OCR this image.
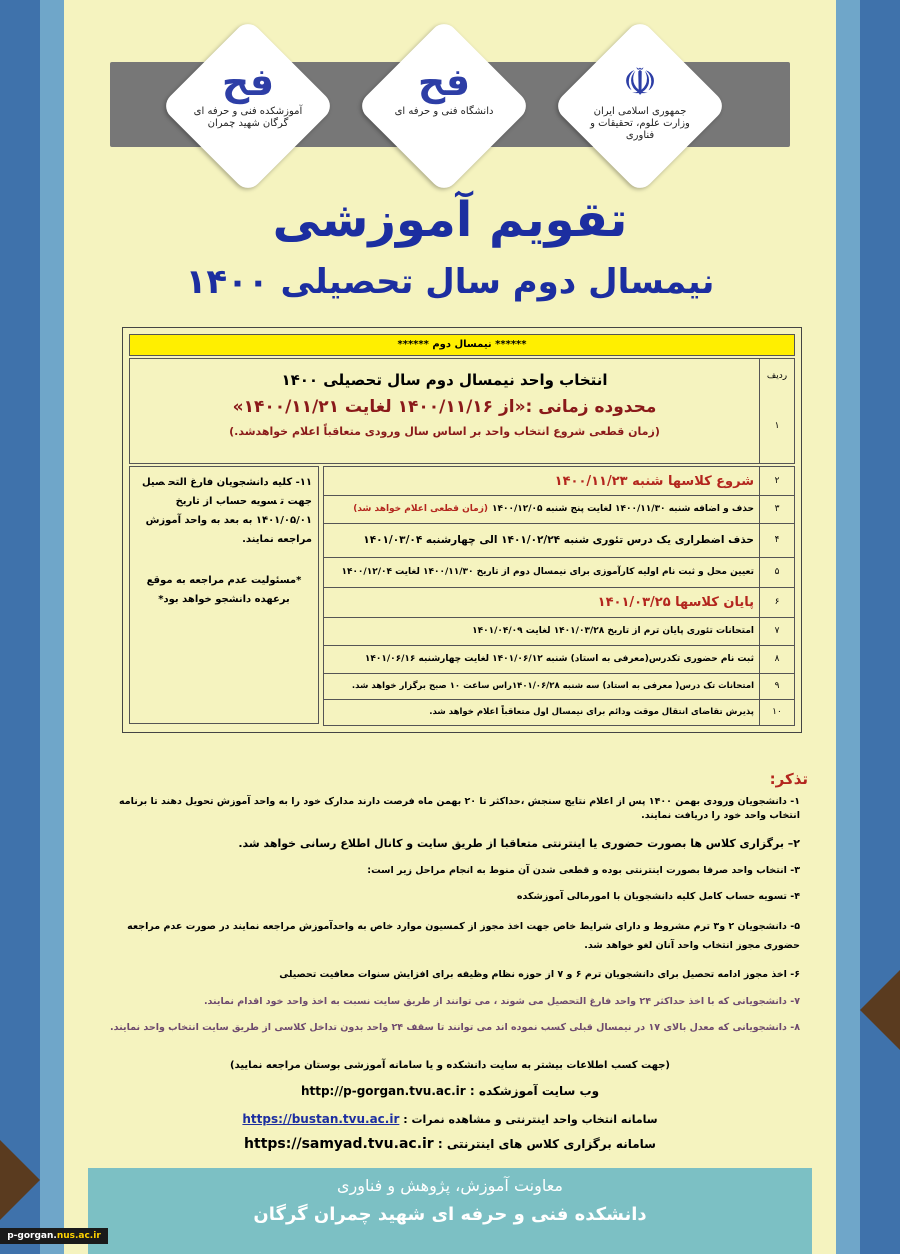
ﻓﺢ
آموزشکده فنی و حرفه ای گرگان شهید چمران
ﻓﺢ
دانشگاه فنی و حرفه ای
☫
جمهوری اسلامی ایران وزارت علوم، تحقیقات و فناوری
تقویم آموزشی
نیمسال دوم سال تحصیلی ۱۴۰۰
****** نیمسال دوم ******
ردیف
۱
انتخاب واحد نیمسال دوم سال تحصیلی ۱۴۰۰
محدوده زمانی :«از ۱۴۰۰/۱۱/۱۶ لغایت ۱۴۰۰/۱۱/۲۱»
(زمان قطعی شروع انتخاب واحد بر اساس سال ورودی متعاقباً اعلام خواهدشد.)
۱۱- کلیه داﻧﺸﺠﻮﯾﺎن ﻓﺎرغ اﻟﺘﺤ ﺼﯿﻞ ﺟﻬﺖ ﺗ ﺴﻮﯾﻪ حساب از تاریخ ۱۴۰۱/۰۵/۰۱ به بعد به واحد آموزش مراجعه نمایند.
*مسئولیت عدم مراجعه به موقع برعهده دانشجو خواهد بود*
۲
شروع کلاسها شنبه ۱۴۰۰/۱۱/۲۳
۳
حذف و اضافه شنبه ۱۴۰۰/۱۱/۳۰ لغایت پنج شنبه ۱۴۰۰/۱۲/۰۵
(زمان قطعی اعلام خواهد شد)
۴
حذف اضطراری یک درس تئوری شنبه ۱۴۰۱/۰۲/۲۴ الی چهارشنبه ۱۴۰۱/۰۳/۰۴
۵
تعیین محل و ثبت نام اولیه کارآموزی برای نیمسال دوم از تاریخ ۱۴۰۰/۱۱/۳۰ لغایت ۱۴۰۰/۱۲/۰۴
۶
پایان کلاسها ۱۴۰۱/۰۳/۲۵
۷
امتحانات تئوری پایان ترم از تاریخ ۱۴۰۱/۰۳/۲۸ لغایت ۱۴۰۱/۰۴/۰۹
۸
ثبت نام حضوری تکدرس(معرفی به استاد) شنبه ۱۴۰۱/۰۶/۱۲ لغایت چهارشنبه ۱۴۰۱/۰۶/۱۶
۹
امتحانات تک درس( معرفی به استاد) سه شنبه ۱۴۰۱/۰۶/۲۸راس ساعت ۱۰ صبح برگزار خواهد شد.
۱۰
پذیرش تقاضای انتقال موقت ودائم برای نیمسال اول متعاقباً اعلام خواهد شد.
تذکر:
۱- دانشجویان ورودی بهمن ۱۴۰۰ پس از اعلام نتایج سنجش ،حداکثر تا ۲۰ بهمن ماه فرصت دارند مدارک خود را به واحد آموزش تحویل دهند تا برنامه انتخاب واحد خود را دریافت نمایند.
۲– برگزاری کلاس ها بصورت حضوری یا اینترنتی متعاقبا از طریق سایت و کانال اطلاع رسانی خواهد شد.
۳- انتخاب واحد صرفا بصورت اینترنتی بوده و قطعی شدن آن منوط به انجام مراحل زیر است:
۴- تسویه حساب کامل کلیه دانشجویان با امورمالی آموزشکده
۵- دانشجویان ۲ و۳ ترم مشروط و دارای شرایط خاص جهت اخذ مجوز از کمسیون موارد خاص به واحدآموزش مراجعه نمایند در صورت عدم مراجعه حضوری مجوز انتخاب واحد آنان لغو خواهد شد.
۶- اخذ مجوز ادامه تحصیل برای دانشجویان ترم ۶ و ۷ از حوزه نظام وظیفه برای افزایش سنوات معافیت تحصیلی
۷- دانشجویانی که با اخذ حداکثر ۲۴ واحد فارغ التحصیل می شوند ، می توانند از طریق سایت نسبت به اخذ واحد خود اقدام نمایند.
۸- دانشجویانی که معدل بالای ۱۷ در نیمسال قبلی کسب نموده اند می توانند تا سقف ۲۴ واحد بدون تداخل کلاسی از طریق سایت انتخاب واحد نمایند.
(جهت کسب اطلاعات بیشتر به سایت دانشکده و یا سامانه آموزشی بوستان مراجعه نمایید)
وب سایت آموزشکده : http://p-gorgan.tvu.ac.ir
سامانه انتخاب واحد اینترنتی و مشاهده نمرات : https://bustan.tvu.ac.ir
سامانه برگزاری کلاس های اینترنتی : https://samyad.tvu.ac.ir
معاونت آموزش، پژوهش و فناوری
دانشکده فنی و حرفه ای شهید چمران گرگان
p-gorgan.nus.ac.ir
